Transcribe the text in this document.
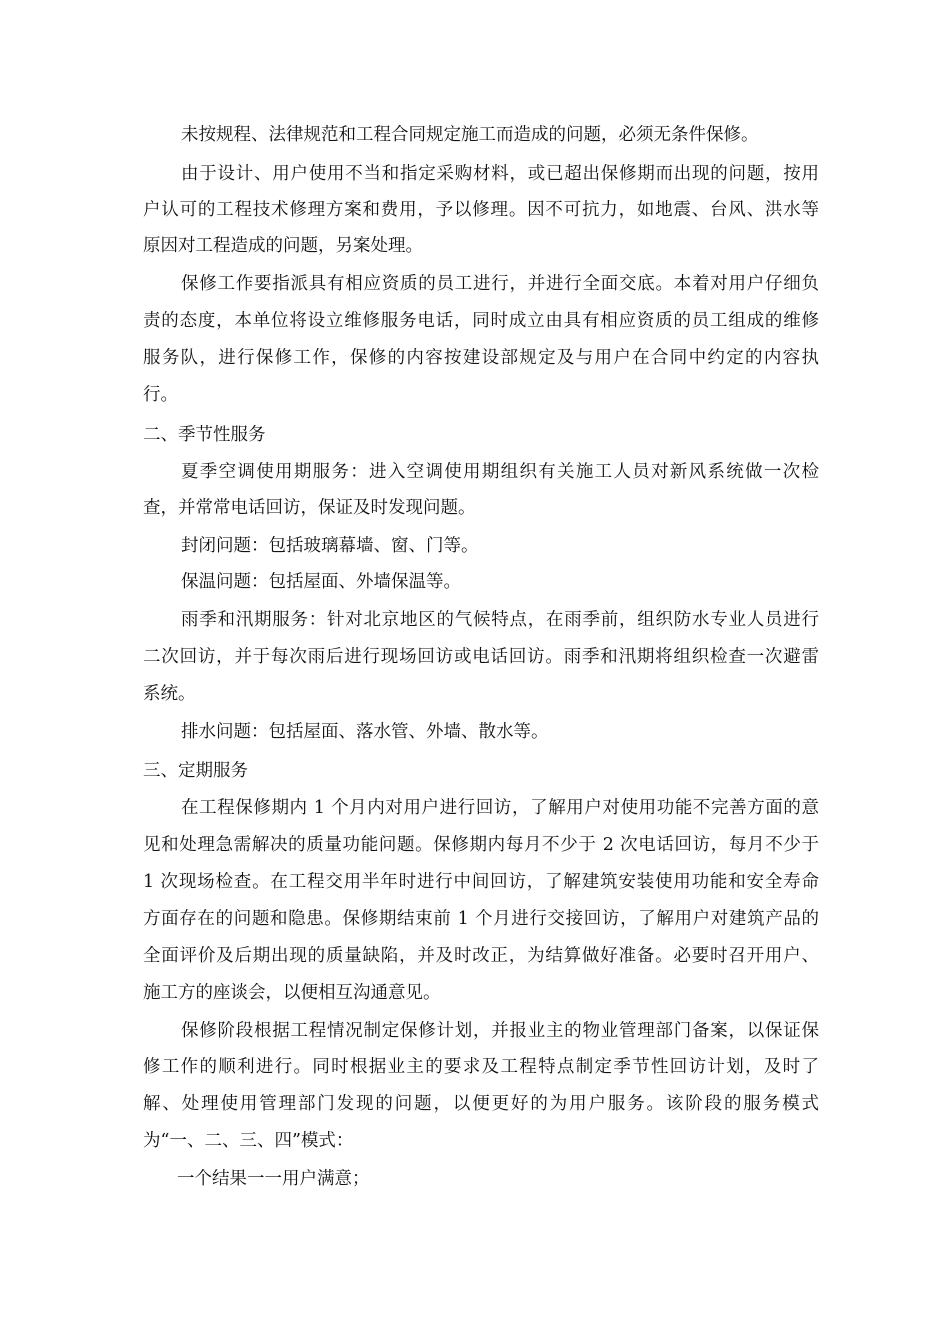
未按规程、法律规范和工程合同规定施工而造成的问题，必须无条件保修。
由于设计、用户使用不当和指定采购材料，或已超出保修期而出现的问题，按用
户认可的工程技术修理方案和费用，予以修理。因不可抗力，如地震、台风、洪水等
原因对工程造成的问题，另案处理。
保修工作要指派具有相应资质的员工进行，并进行全面交底。本着对用户仔细负
责的态度，本单位将设立维修服务电话，同时成立由具有相应资质的员工组成的维修
服务队，进行保修工作，保修的内容按建设部规定及与用户在合同中约定的内容执
行。
二、季节性服务
夏季空调使用期服务：进入空调使用期组织有关施工人员对新风系统做一次检
查，并常常电话回访，保证及时发现问题。
封闭问题：包括玻璃幕墙、窗、门等。
保温问题：包括屋面、外墙保温等。
雨季和汛期服务：针对北京地区的气候特点，在雨季前，组织防水专业人员进行
二次回访，并于每次雨后进行现场回访或电话回访。雨季和汛期将组织检查一次避雷
系统。
排水问题：包括屋面、落水管、外墙、散水等。
三、定期服务
在工程保修期内 1 个月内对用户进行回访，了解用户对使用功能不完善方面的意
见和处理急需解决的质量功能问题。保修期内每月不少于 2 次电话回访，每月不少于
1 次现场检查。在工程交用半年时进行中间回访，了解建筑安装使用功能和安全寿命
方面存在的问题和隐患。保修期结束前 1 个月进行交接回访，了解用户对建筑产品的
全面评价及后期出现的质量缺陷，并及时改正，为结算做好准备。必要时召开用户、
施工方的座谈会，以便相互沟通意见。
保修阶段根据工程情况制定保修计划，并报业主的物业管理部门备案，以保证保
修工作的顺利进行。同时根据业主的要求及工程特点制定季节性回访计划，及时了
解、处理使用管理部门发现的问题，以便更好的为用户服务。该阶段的服务模式
为“一、二、三、四”模式：
一个结果一一用户满意；
